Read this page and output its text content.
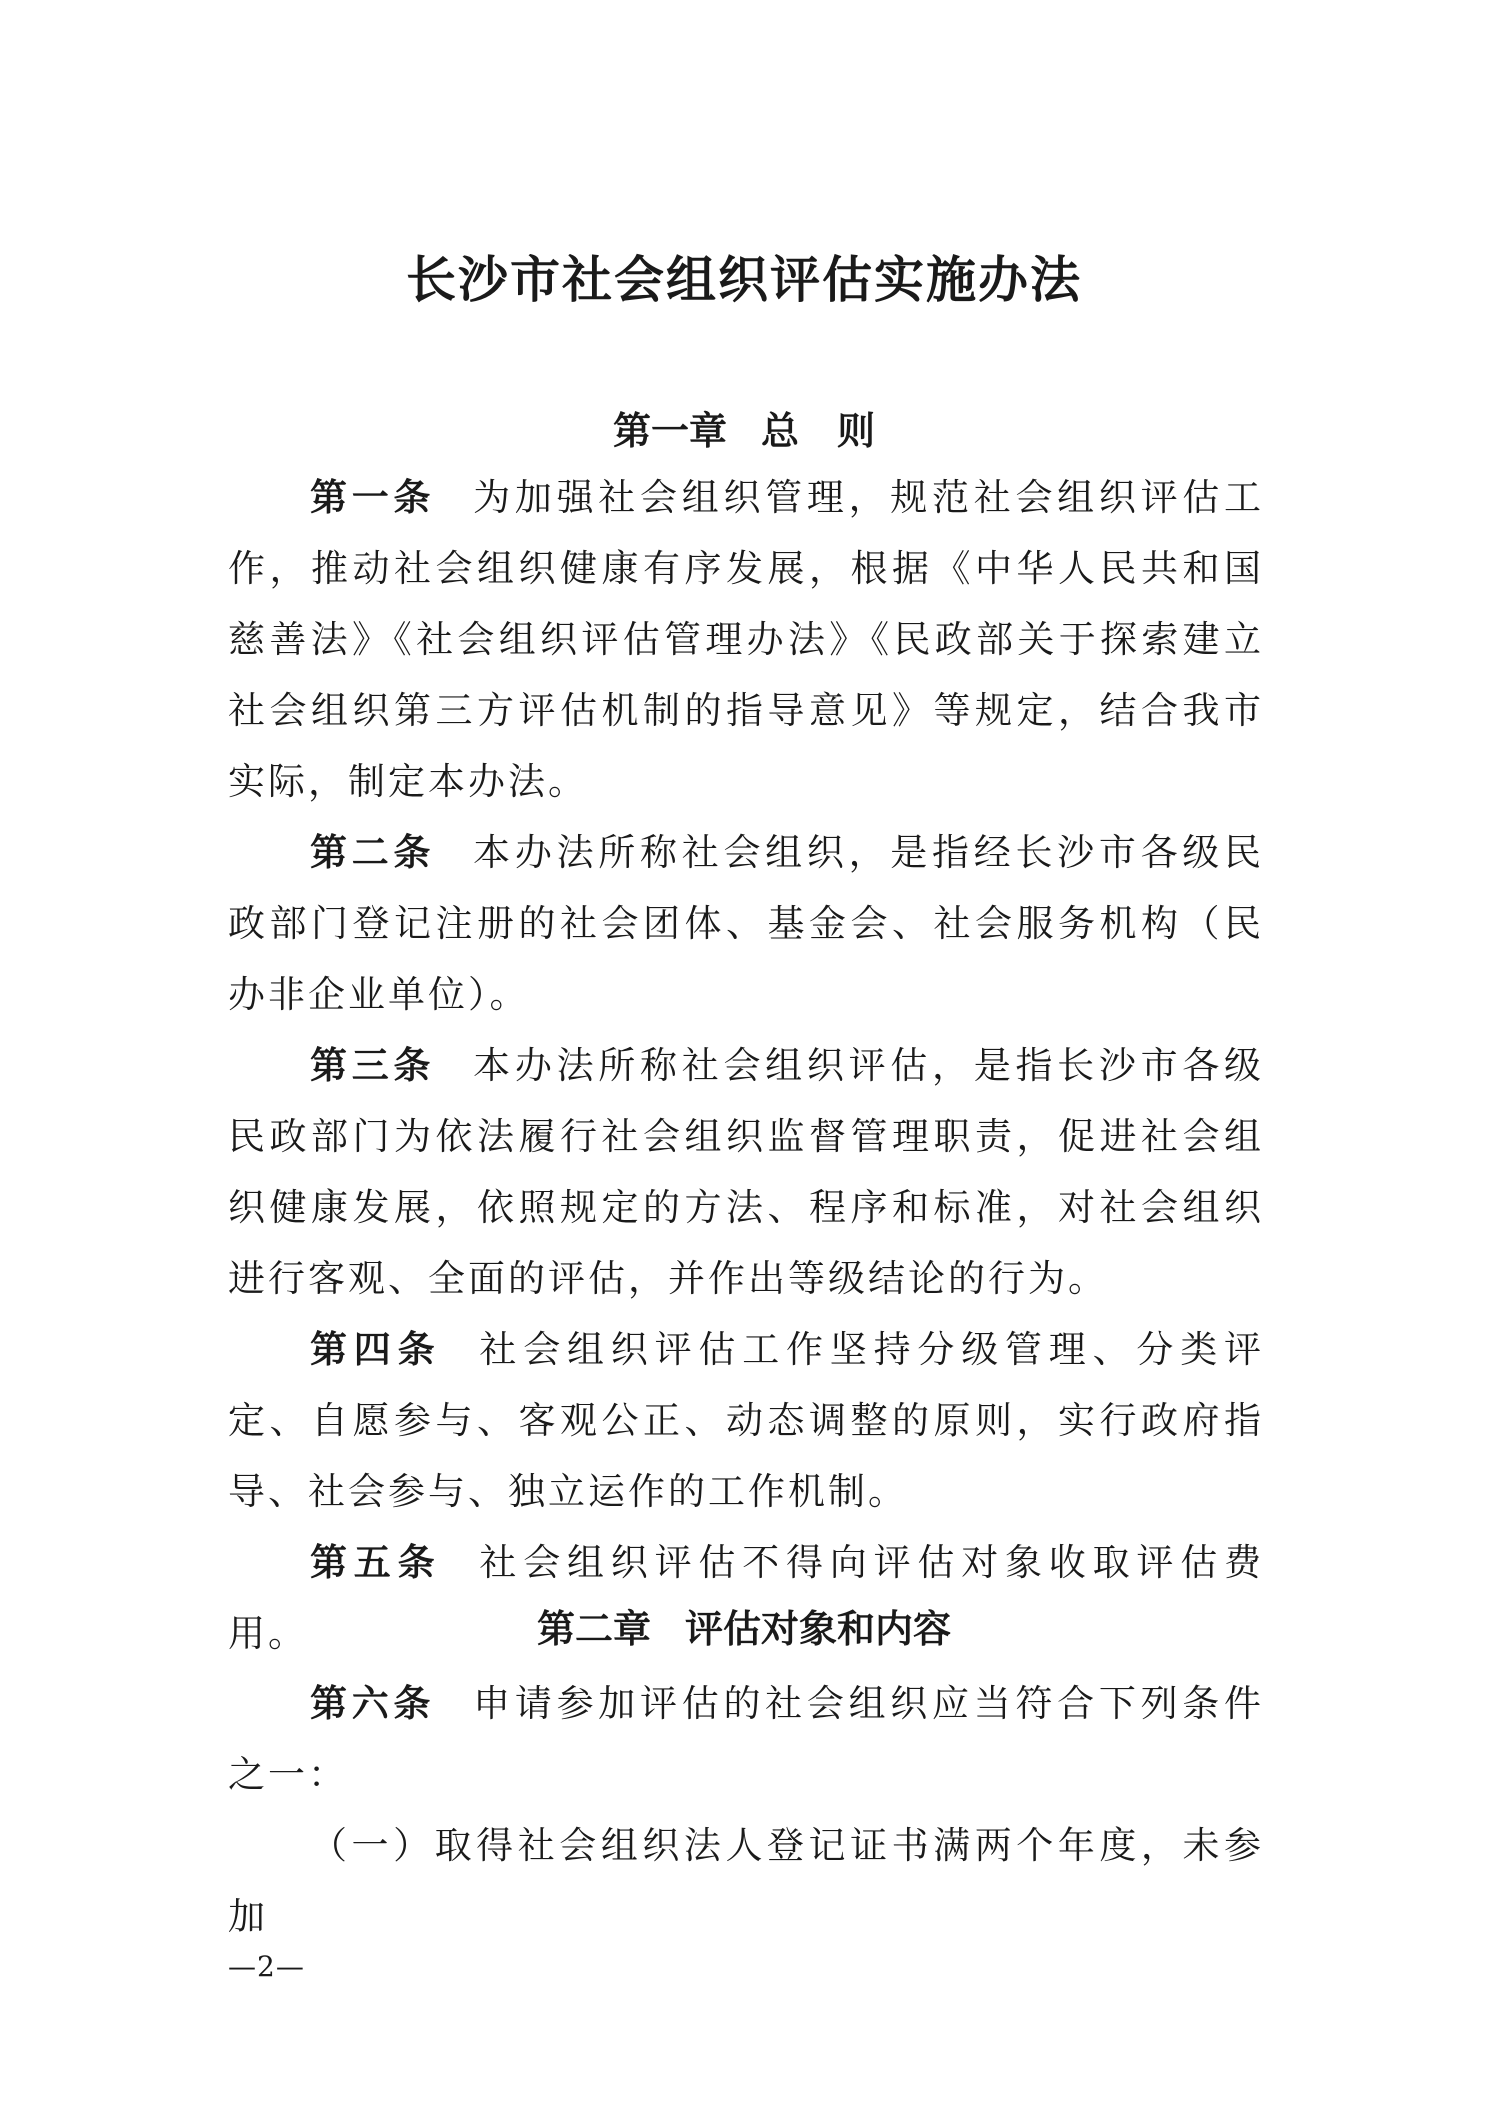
长沙市社会组织评估实施办法
第一章 总　则

第一条 为加强社会组织管理，规范社会组织评估工作，推动社会组织健康有序发展，根据《中华人民共和国慈善法》《社会组织评估管理办法》《民政部关于探索建立社会组织第三方评估机制的指导意见》等规定，结合我市实际，制定本办法。

第二条 本办法所称社会组织，是指经长沙市各级民政部门登记注册的社会团体、基金会、社会服务机构（民办非企业单位）。

第三条 本办法所称社会组织评估，是指长沙市各级民政部门为依法履行社会组织监督管理职责，促进社会组织健康发展，依照规定的方法、程序和标准，对社会组织进行客观、全面的评估，并作出等级结论的行为。

第四条 社会组织评估工作坚持分级管理、分类评定、自愿参与、客观公正、动态调整的原则，实行政府指导、社会参与、独立运作的工作机制。

第五条 社会组织评估不得向评估对象收取评估费用。	第二章 评估对象和内容

第六条 申请参加评估的社会组织应当符合下列条件之一：

（一）取得社会组织法人登记证书满两个年度，未参加

—2—
